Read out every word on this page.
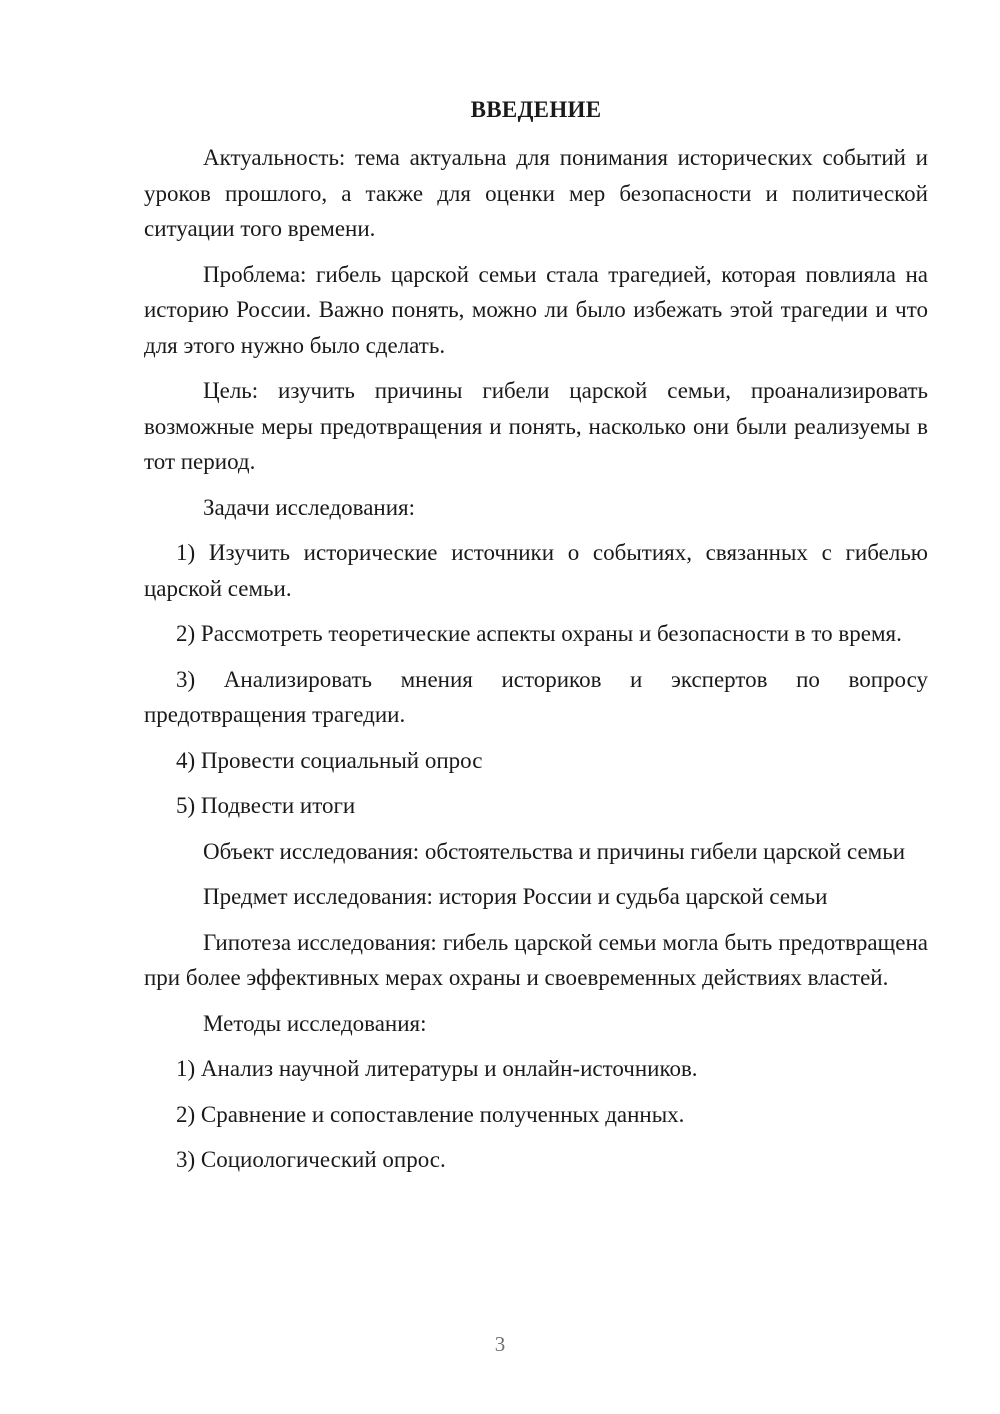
ВВЕДЕНИЕ

Актуальность: тема актуальна для понимания исторических событий и уроков прошлого, а также для оценки мер безопасности и политической ситуации того времени.

Проблема: гибель царской семьи стала трагедией, которая повлияла на историю России. Важно понять, можно ли было избежать этой трагедии и что для этого нужно было сделать.

Цель: изучить причины гибели царской семьи, проанализировать возможные меры предотвращения и понять, насколько они были реализуемы в тот период.

Задачи исследования:

1) Изучить исторические источники о событиях, связанных с гибелью царской семьи.

2) Рассмотреть теоретические аспекты охраны и безопасности в то время.

3) Анализировать мнения историков и экспертов по вопросу предотвращения трагедии.

4) Провести социальный опрос

5) Подвести итоги

Объект исследования: обстоятельства и причины гибели царской семьи

Предмет исследования: история России и судьба царской семьи

Гипотеза исследования: гибель царской семьи могла быть предотвращена при более эффективных мерах охраны и своевременных действиях властей.

Методы исследования:

1) Анализ научной литературы и онлайн-источников.

2) Сравнение и сопоставление полученных данных.

3) Социологический опрос.

3
